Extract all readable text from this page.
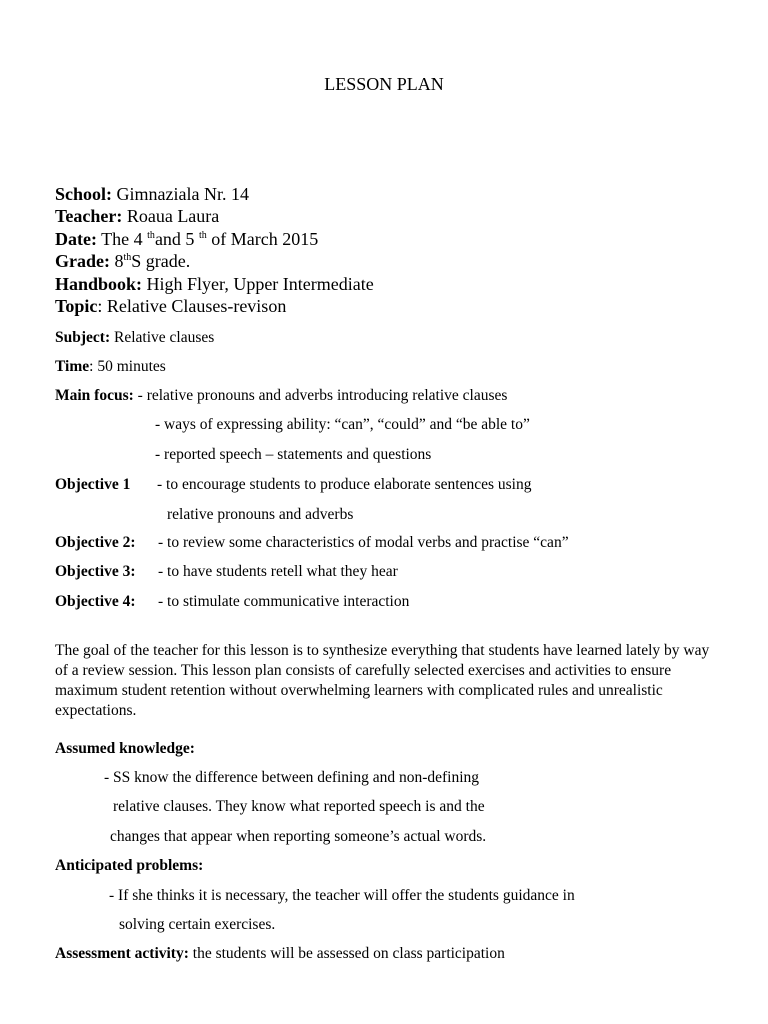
LESSON PLAN
School: Gimnaziala Nr. 14
Teacher: Roaua Laura
Date: The 4 $^{th}$and 5 $^{th}$ of March 2015
Grade: 8thS grade.
Handbook: High Flyer, Upper Intermediate
Topic: Relative Clauses-revison
Subject: Relative clauses
Time: 50 minutes
Main focus: - relative pronouns and adverbs introducing relative clauses
- ways of expressing ability: “can”, “could” and “be able to”
- reported speech – statements and questions
Objective 1 - to encourage students to produce elaborate sentences using
relative pronouns and adverbs
Objective 2: - to review some characteristics of modal verbs and practise “can”
Objective 3: - to have students retell what they hear
Objective 4: - to stimulate communicative interaction
The goal of the teacher for this lesson is to synthesize everything that students have learned lately by way of a review session. This lesson plan consists of carefully selected exercises and activities to ensure maximum student retention without overwhelming learners with complicated rules and unrealistic expectations.
Assumed knowledge:
- SS know the difference between defining and non-defining
relative clauses. They know what reported speech is and the
changes that appear when reporting someone’s actual words.
Anticipated problems:
- If she thinks it is necessary, the teacher will offer the students guidance in
solving certain exercises.
Assessment activity: the students will be assessed on class participation
